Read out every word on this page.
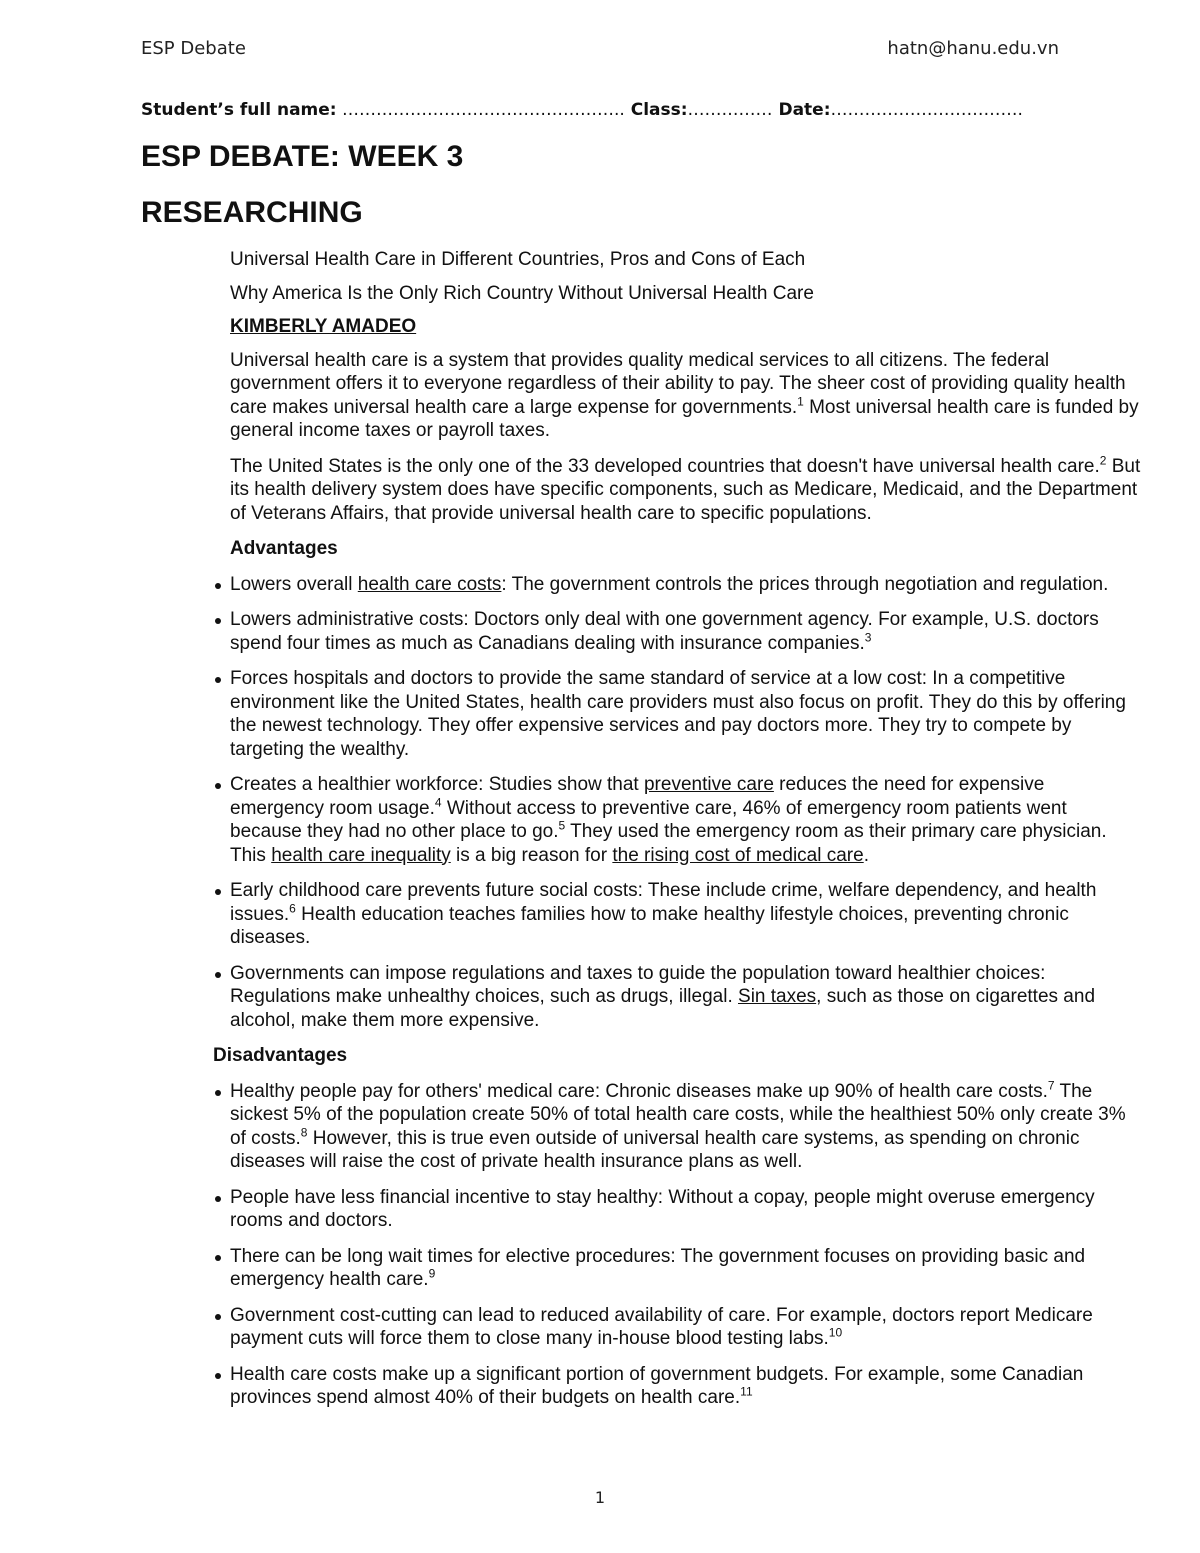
ESP Debate	hatn@hanu.edu.vn
Student’s full name: ………………………………………….. Class:…………… Date:…………………………….
ESP DEBATE: WEEK 3
RESEARCHING

Universal Health Care in Different Countries, Pros and Cons of Each

Why America Is the Only Rich Country Without Universal Health Care

KIMBERLY AMADEO

Universal health care is a system that provides quality medical services to all citizens. The federal government offers it to everyone regardless of their ability to pay. The sheer cost of providing quality health care makes universal health care a large expense for governments.$^1$ Most universal health care is funded by general income taxes or payroll taxes.

The United States is the only one of the 33 developed countries that doesn't have universal health care.$^2$ But its health delivery system does have specific components, such as Medicare, Medicaid, and the Department of Veterans Affairs, that provide universal health care to specific populations.

Advantages

Lowers overall health care costs: The government controls the prices through negotiation and regulation.
Lowers administrative costs: Doctors only deal with one government agency. For example, U.S. doctors spend four times as much as Canadians dealing with insurance companies.$^3$
Forces hospitals and doctors to provide the same standard of service at a low cost: In a competitive environment like the United States, health care providers must also focus on profit. They do this by offering the newest technology. They offer expensive services and pay doctors more. They try to compete by targeting the wealthy.
Creates a healthier workforce: Studies show that preventive care reduces the need for expensive emergency room usage.$^4$ Without access to preventive care, 46% of emergency room patients went because they had no other place to go.$^5$ They used the emergency room as their primary care physician. This health care inequality is a big reason for the rising cost of medical care.
Early childhood care prevents future social costs: These include crime, welfare dependency, and health issues.$^6$ Health education teaches families how to make healthy lifestyle choices, preventing chronic diseases.
Governments can impose regulations and taxes to guide the population toward healthier choices: Regulations make unhealthy choices, such as drugs, illegal. Sin taxes, such as those on cigarettes and alcohol, make them more expensive.

Disadvantages

Healthy people pay for others' medical care: Chronic diseases make up 90% of health care costs.$^7$ The sickest 5% of the population create 50% of total health care costs, while the healthiest 50% only create 3% of costs.$^8$ However, this is true even outside of universal health care systems, as spending on chronic diseases will raise the cost of private health insurance plans as well.
People have less financial incentive to stay healthy: Without a copay, people might overuse emergency rooms and doctors.
There can be long wait times for elective procedures: The government focuses on providing basic and emergency health care.$^9$
Government cost-cutting can lead to reduced availability of care. For example, doctors report Medicare payment cuts will force them to close many in-house blood testing labs.$^{10}$
Health care costs make up a significant portion of government budgets. For example, some Canadian provinces spend almost 40% of their budgets on health care.$^{11}$
1
